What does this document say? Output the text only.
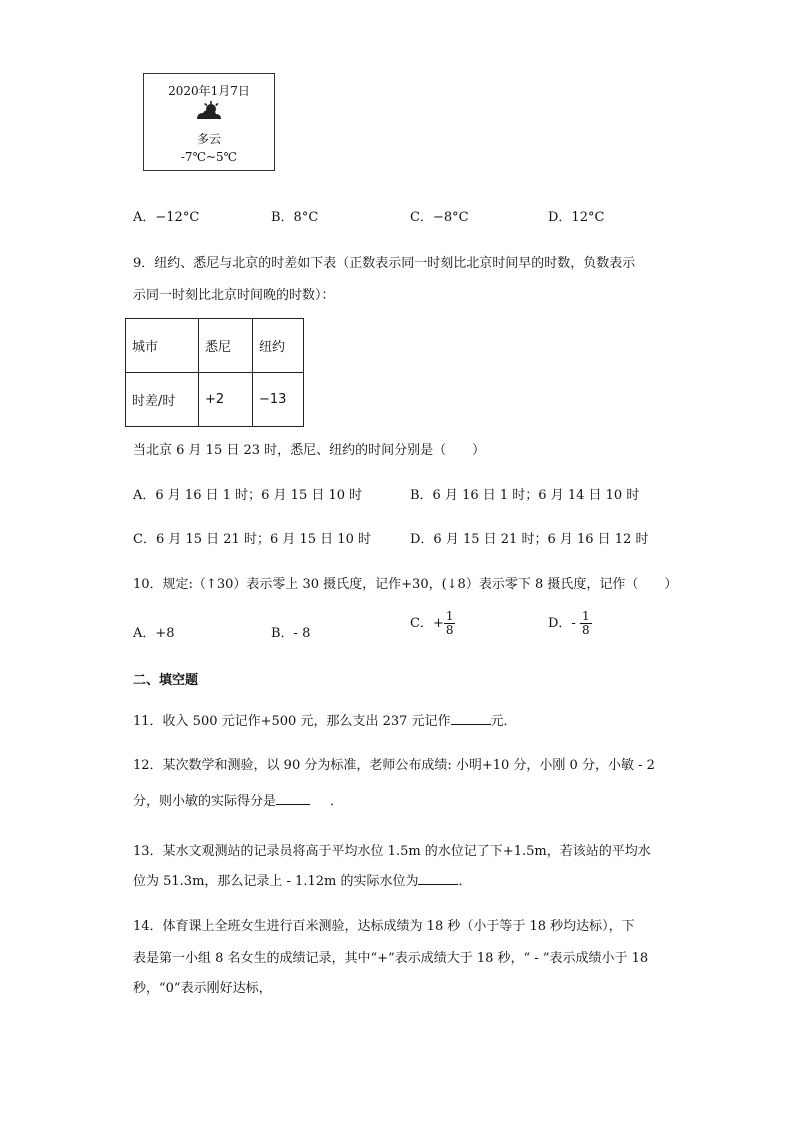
2020年1月7日
多云
-7℃~5℃
A．−12°C	B．8°C	C．−8°C	D．12°C
9．纽约、悉尼与北京的时差如下表（正数表示同一时刻比北京时间早的时数，负数表示
示同一时刻比北京时间晚的时数）：
城市	悉尼	纽约
时差/时	+2	−13
当北京 6 月 15 日 23 时，悉尼、纽约的时间分别是（　　）
A．6 月 16 日 1 时；6 月 15 日 10 时	B．6 月 16 日 1 时；6 月 14 日 10 时
C．6 月 15 日 21 时；6 月 15 日 10 时	D．6 月 15 日 21 时；6 月 16 日 12 时
10．规定:（↑30）表示零上 30 摄氏度，记作+30，(↓8）表示零下 8 摄氏度，记作（　　）
A．+8	B．- 8
C．+ $\frac{1}{8}$	D．- $\frac{1}{8}$
二、填空题
11．收入 500 元记作+500 元，那么支出 237 元记作	元．
12．某次数学和测验，以 90 分为标准，老师公布成绩: 小明+10 分，小刚 0 分，小敏 - 2
分，则小敏的实际得分是	．
13．某水文观测站的记录员将高于平均水位 1.5m 的水位记了下+1.5m，若该站的平均水
位为 51.3m，那么记录上 - 1.12m 的实际水位为	．
14．体育课上全班女生进行百米测验，达标成绩为 18 秒（小于等于 18 秒均达标），下
表是第一小组 8 名女生的成绩记录，其中“+”表示成绩大于 18 秒，“ - ”表示成绩小于 18
秒，“0”表示刚好达标，
